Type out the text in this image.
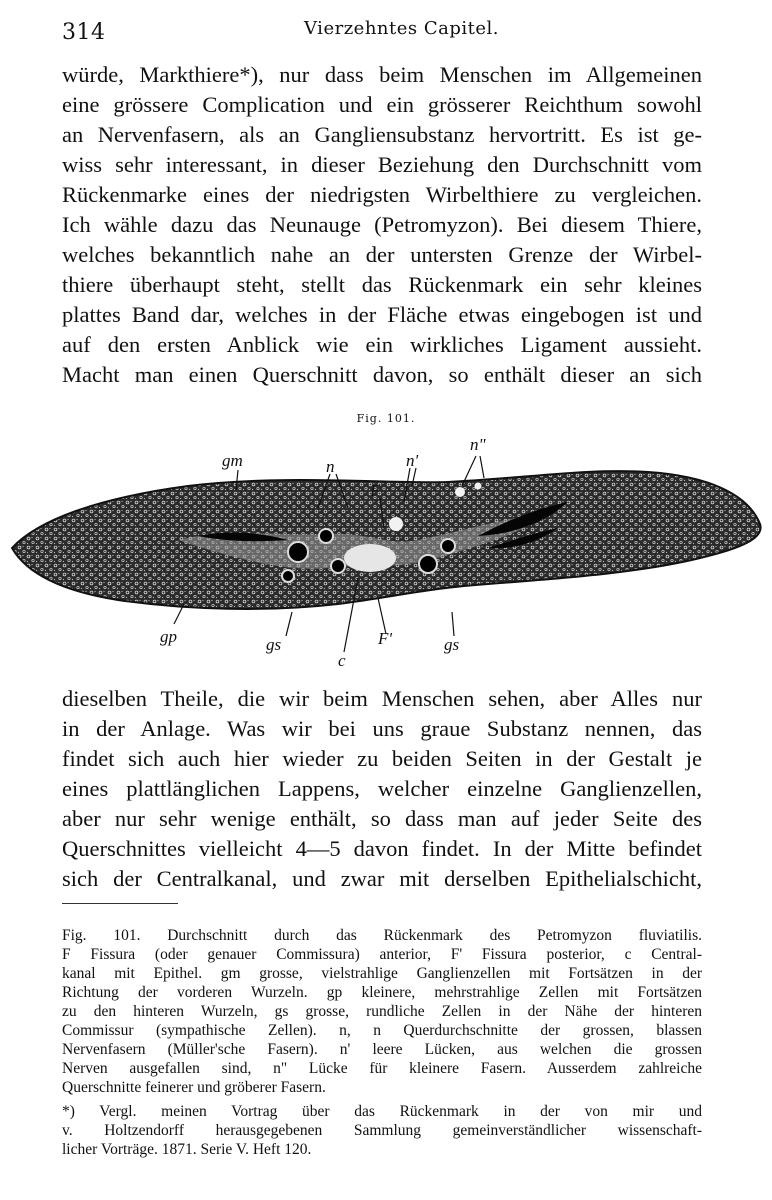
314	Vierzehntes Capitel.
würde, Markthiere*), nur dass beim Menschen im Allgemeinen
eine grössere Complication und ein grösserer Reichthum sowohl
an Nervenfasern, als an Gangliensubstanz hervortritt. Es ist ge-
wiss sehr interessant, in dieser Beziehung den Durchschnitt vom
Rückenmarke eines der niedrigsten Wirbelthiere zu vergleichen.
Ich wähle dazu das Neunauge (Petromyzon). Bei diesem Thiere,
welches bekanntlich nahe an der untersten Grenze der Wirbel-
thiere überhaupt steht, stellt das Rückenmark ein sehr kleines
plattes Band dar, welches in der Fläche etwas eingebogen ist und
auf den ersten Anblick wie ein wirkliches Ligament aussieht.
Macht man einen Querschnitt davon, so enthält dieser an sich
Fig. 101.
gm	n	n'
n"
F
gp	gs
c
F'	gs
dieselben Theile, die wir beim Menschen sehen, aber Alles nur
in der Anlage. Was wir bei uns graue Substanz nennen, das
findet sich auch hier wieder zu beiden Seiten in der Gestalt je
eines plattlänglichen Lappens, welcher einzelne Ganglienzellen,
aber nur sehr wenige enthält, so dass man auf jeder Seite des
Querschnittes vielleicht 4—5 davon findet. In der Mitte befindet
sich der Centralkanal, und zwar mit derselben Epithelialschicht,
Fig. 101. Durchschnitt durch das Rückenmark des Petromyzon fluviatilis.
F Fissura (oder genauer Commissura) anterior, F' Fissura posterior, c Central-
kanal mit Epithel. gm grosse, vielstrahlige Ganglienzellen mit Fortsätzen in der
Richtung der vorderen Wurzeln. gp kleinere, mehrstrahlige Zellen mit Fortsätzen
zu den hinteren Wurzeln, gs grosse, rundliche Zellen in der Nähe der hinteren
Commissur (sympathische Zellen). n, n Querdurchschnitte der grossen, blassen
Nervenfasern (Müller'sche Fasern). n' leere Lücken, aus welchen die grossen
Nerven ausgefallen sind, n" Lücke für kleinere Fasern. Ausserdem zahlreiche
Querschnitte feinerer und gröberer Fasern.
*) Vergl. meinen Vortrag über das Rückenmark in der von mir und
v. Holtzendorff herausgegebenen Sammlung gemeinverständlicher wissenschaft-
licher Vorträge. 1871. Serie V. Heft 120.
